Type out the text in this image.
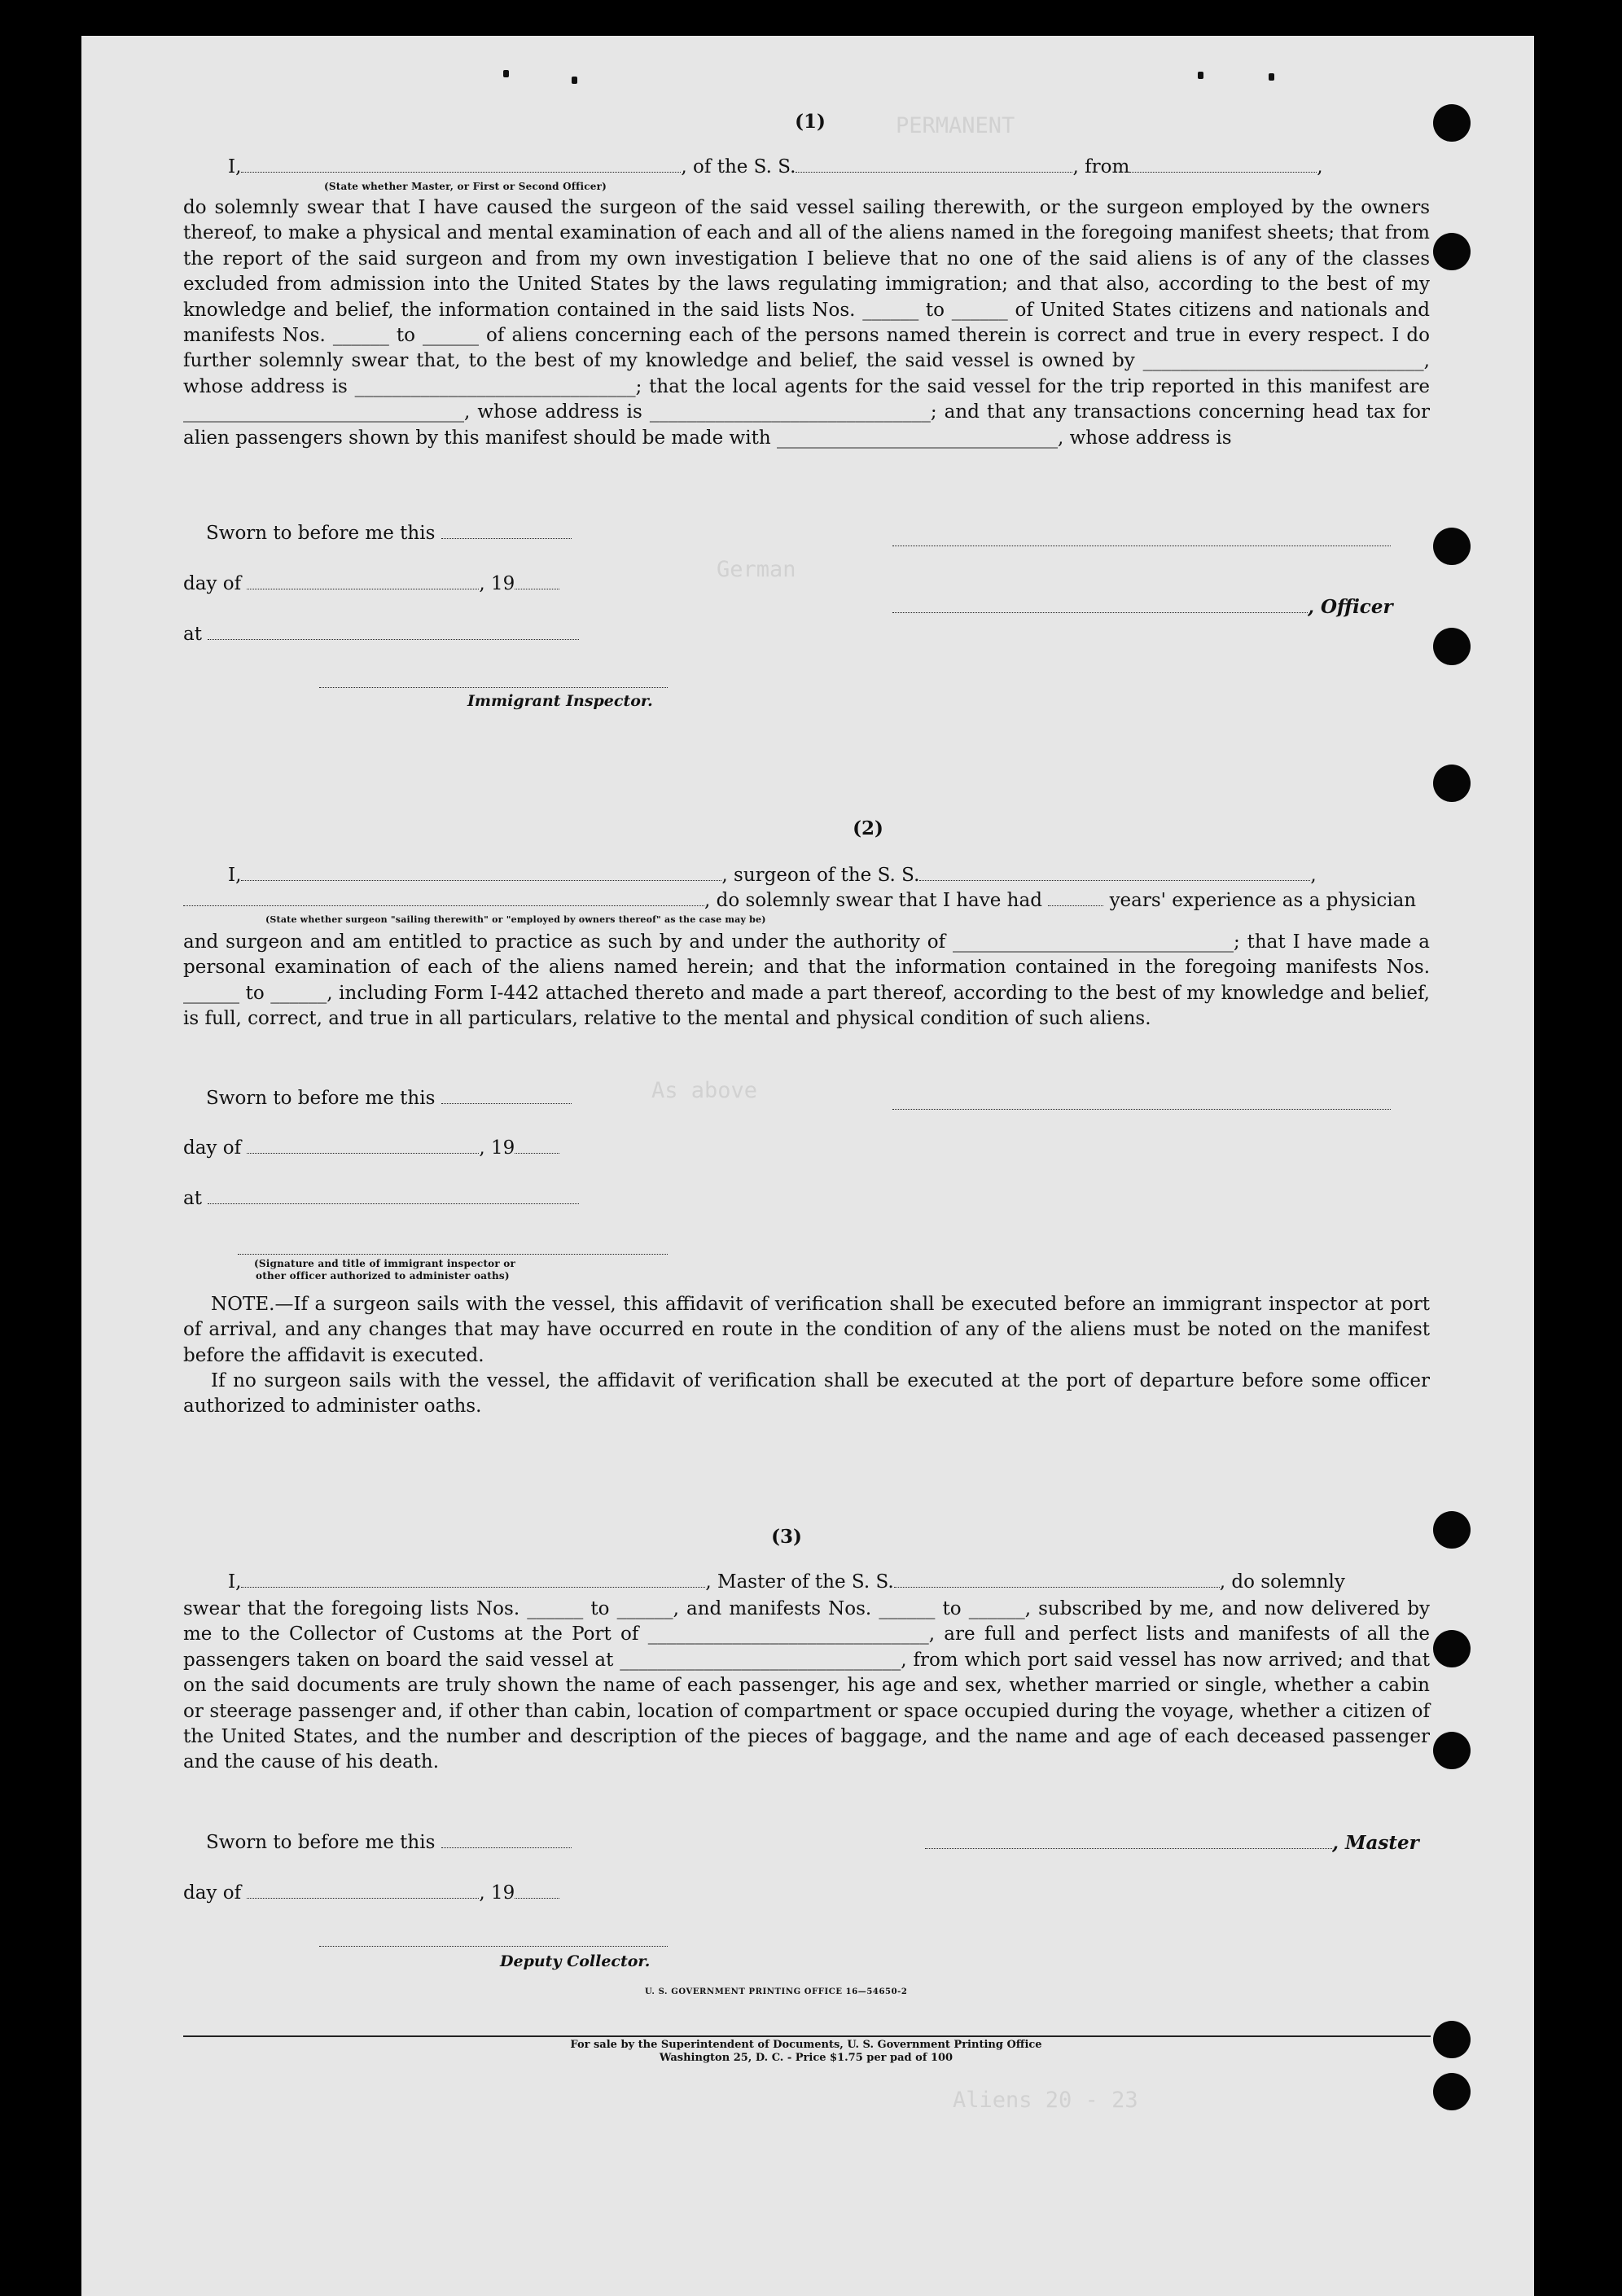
PERMANENT
German
As above
Aliens 20 - 23
(1)
I,	, of the S. S.	, from	,
(State whether Master, or First or Second Officer)
do solemnly swear that I have caused the surgeon of the said vessel sailing therewith, or the surgeon employed by the owners thereof, to make a physical and mental examination of each and all of the aliens named in the foregoing manifest sheets; that from the report of the said surgeon and from my own investigation I believe that no one of the said aliens is of any of the classes excluded from admission into the United States by the laws regulating immigration; and that also, according to the best of my knowledge and belief, the information contained in the said lists Nos. ______ to ______ of United States citizens and nationals and manifests Nos. ______ to ______ of aliens concerning each of the persons named therein is correct and true in every respect. I do further solemnly swear that, to the best of my knowledge and belief, the said vessel is owned by ______________________________, whose address is ______________________________; that the local agents for the said vessel for the trip reported in this manifest are ______________________________, whose address is ______________________________; and that any transactions concerning head tax for alien passengers shown by this manifest should be made with ______________________________, whose address is
Sworn to before me this
day of	, 19
, Officer
at
Immigrant Inspector.
(2)
I,	, surgeon of the S. S.	,
, do solemnly swear that I have had	years' experience as a physician
(State whether surgeon "sailing therewith" or "employed by owners thereof" as the case may be)
and surgeon and am entitled to practice as such by and under the authority of ______________________________; that I have made a personal examination of each of the aliens named herein; and that the information contained in the foregoing manifests Nos. ______ to ______, including Form I-442 attached thereto and made a part thereof, according to the best of my knowledge and belief, is full, correct, and true in all particulars, relative to the mental and physical condition of such aliens.
Sworn to before me this
day of	, 19
at
(Signature and title of immigrant inspector or
other officer authorized to administer oaths)
NOTE.—If a surgeon sails with the vessel, this affidavit of verification shall be executed before an immigrant inspector at port of arrival, and any changes that may have occurred en route in the condition of any of the aliens must be noted on the manifest before the affidavit is executed.
If no surgeon sails with the vessel, the affidavit of verification shall be executed at the port of departure before some officer authorized to administer oaths.
(3)
I,	, Master of the S. S.	, do solemnly
swear that the foregoing lists Nos. ______ to ______, and manifests Nos. ______ to ______, subscribed by me, and now delivered by me to the Collector of Customs at the Port of ______________________________, are full and perfect lists and manifests of all the passengers taken on board the said vessel at ______________________________, from which port said vessel has now arrived; and that on the said documents are truly shown the name of each passenger, his age and sex, whether married or single, whether a cabin or steerage passenger and, if other than cabin, location of compartment or space occupied during the voyage, whether a citizen of the United States, and the number and description of the pieces of baggage, and the name and age of each deceased passenger and the cause of his death.
Sworn to before me this	, Master
day of	, 19
Deputy Collector.
U. S. GOVERNMENT PRINTING OFFICE 16—54650-2
For sale by the Superintendent of Documents, U. S. Government Printing Office
Washington 25, D. C. - Price $1.75 per pad of 100
